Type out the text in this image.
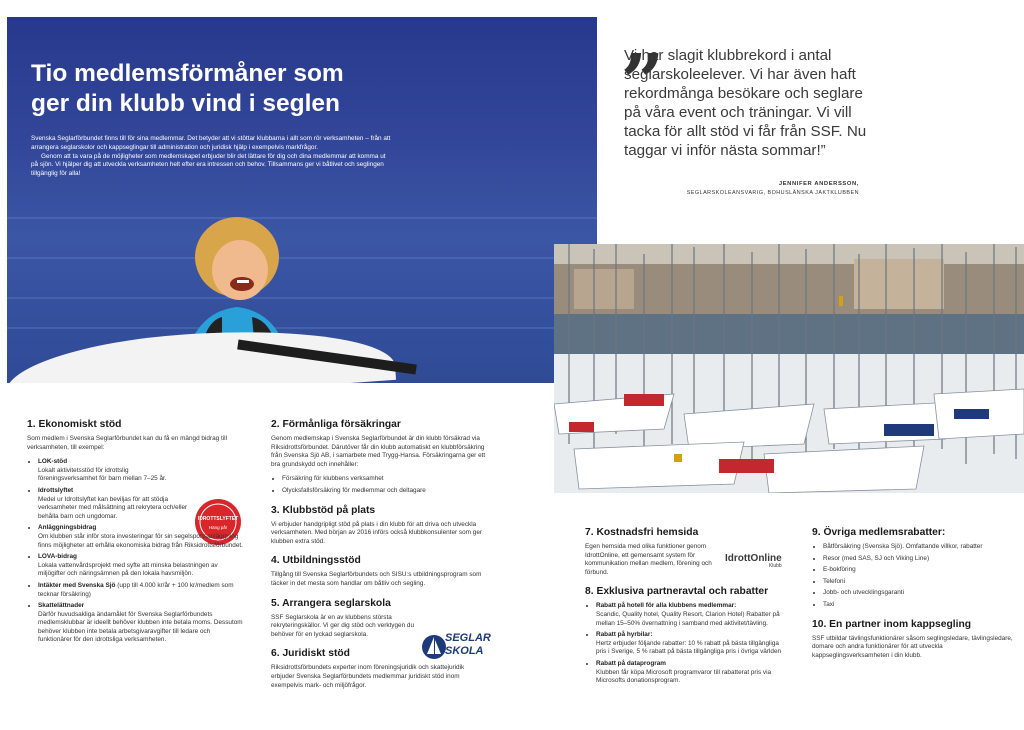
Tio medlemsförmåner som
ger din klubb vind i seglen

Svenska Seglarförbundet finns till för sina medlemmar. Det betyder att vi stöttar klubbarna i allt som rör verksamheten – från att arrangera seglarskolor och kappseglingar till administration och juridisk hjälp i exempelvis markfrågor.

Genom att ta vara på de möjligheter som medlemskapet erbjuder blir det lättare för dig och dina medlemmar att komma ut på sjön. Vi hjälper dig att utveckla verksamheten helt efter era intressen och behov. Tillsammans ger vi båtlivet och seglingen tillgänglig för alla!

„
Vi har slagit klubbrekord i antal seglarskoleelever. Vi har även haft rekordmånga besökare och seglare på våra event och träningar. Vi vill tacka för allt stöd vi får från SSF. Nu taggar vi inför nästa sommar!”
JENNIFER ANDERSSON,
SEGLARSKOLEANSVARIG, BOHUSLÄNSKA JAKTKLUBBEN
IDROTTSLYFTET
Häng på!
IdrottOnline
Klubb
SEGLAR
SKOLA
1. Ekonomiskt stöd

Som medlem i Svenska Seglarförbundet kan du få en mängd bidrag till verksamheten, till exempel:

• LOK-stöd
Lokalt aktivitetsstöd för idrottslig föreningsverksamhet för barn mellan 7–25 år.
• Idrottslyftet
Medel ur Idrottslyftet kan beviljas för att stödja verksamheter med målsättning att rekrytera och/eller behålla barn och ungdomar.
• Anläggningsbidrag
Om klubben står inför stora investeringar för sin segelsportsanläggning finns möjligheter att erhålla ekonomiska bidrag från Riksidrottsförbundet.
• LOVA-bidrag
Lokala vattenvårdsprojekt med syfte att minska belastningen av miljögifter och näringsämnen på den lokala havsmiljön.
• Intäkter med Svenska Sjö (upp till 4.000 kr/år + 100 kr/medlem som tecknar försäkring)
• Skattelättnader
Därför huvudsakliga ändamålet för Svenska Seglarförbundets medlemsklubbar är ideellt behöver klubben inte betala moms. Dessutom behöver klubben inte betala arbetsgivaravgifter till ledare och funktionärer för den idrottsliga verksamheten.
2. Förmånliga försäkringar

Genom medlemskap i Svenska Seglarförbundet är din klubb försäkrad via Riksidrottsförbundet. Därutöver får din klubb automatiskt en klubbförsäkring från Svenska Sjö AB, i samarbete med Trygg-Hansa. Försäkringarna ger ett bra grundskydd och innehåller:

• Försäkring för klubbens verksamhet
• Olycksfallsförsäkring för medlemmar och deltagare
3. Klubbstöd på plats

Vi erbjuder handgripligt stöd på plats i din klubb för att driva och utveckla verksamheten. Med början av 2016 införs också klubbkonsulenter som ger klubben extra stöd.

4. Utbildningsstöd

Tillgång till Svenska Seglarförbundets och SISU:s utbildningsprogram som täcker in det mesta som handlar om båtliv och segling.

5. Arrangera seglarskola

SSF Seglarskola är en av klubbens största rekryteringskällor. Vi ger dig stöd och verktygen du behöver för en lyckad seglarskola.

6. Juridiskt stöd

Riksidrottsförbundets experter inom föreningsjuridik och skattejuridik erbjuder Svenska Seglarförbundets medlemmar juridiskt stöd inom exempelvis mark- och miljöfrågor.

7. Kostnadsfri hemsida

Egen hemsida med olika funktioner genom IdrottOnline, ett gemensamt system för kommunikation mellan medlem, förening och förbund.

8. Exklusiva partneravtal och rabatter
• Rabatt på hotell för alla klubbens medlemmar:
Scandic, Quality hotel, Quality Resort, Clarion Hotel) Rabatter på mellan 15–50% övernattning i samband med aktivitet/tävling.
• Rabatt på hyrbilar:
Hertz erbjuder följande rabatter: 10 % rabatt på bästa tillgängliga pris i Sverige, 5 % rabatt på bästa tillgängliga pris i övriga världen
• Rabatt på dataprogram
Klubben får köpa Microsoft programvaror till rabatterat pris via Microsofts donationsprogram.
9. Övriga medlemsrabatter:
• Båtförsäkring (Svenska Sjö). Omfattande villkor, rabatter
• Resor (med SAS, SJ och Viking Line)
• E-bokföring
• Telefoni
• Jobb- och utvecklingsgaranti
• Taxi
10. En partner inom kappsegling

SSF utbildar tävlingsfunktionärer såsom seglingsledare, tävlingsledare, domare och andra funktionärer för att utveckla kappseglingsverksamheten i din klubb.
